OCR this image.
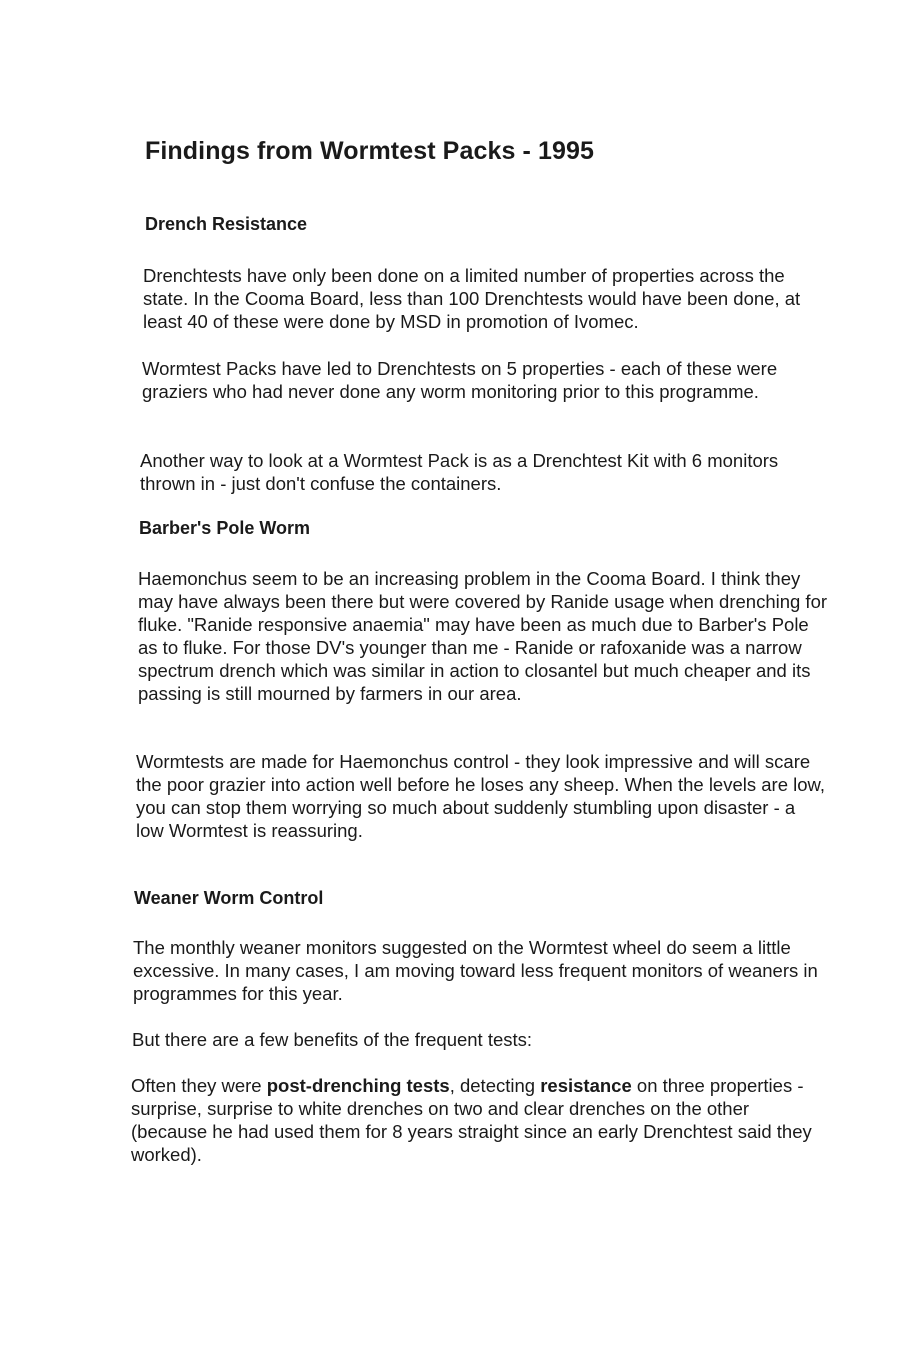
Findings from Wormtest Packs - 1995
Drench Resistance

Drenchtests have only been done on a limited number of properties across the state. In the Cooma Board, less than 100 Drenchtests would have been done, at least 40 of these were done by MSD in promotion of Ivomec.

Wormtest Packs have led to Drenchtests on 5 properties - each of these were graziers who had never done any worm monitoring prior to this programme.

Another way to look at a Wormtest Pack is as a Drenchtest Kit with 6 monitors thrown in - just don't confuse the containers.

Barber's Pole Worm

Haemonchus seem to be an increasing problem in the Cooma Board. I think they may have always been there but were covered by Ranide usage when drenching for fluke. "Ranide responsive anaemia" may have been as much due to Barber's Pole as to fluke. For those DV's younger than me - Ranide or rafoxanide was a narrow spectrum drench which was similar in action to closantel but much cheaper and its passing is still mourned by farmers in our area.

Wormtests are made for Haemonchus control - they look impressive and will scare the poor grazier into action well before he loses any sheep. When the levels are low, you can stop them worrying so much about suddenly stumbling upon disaster - a low Wormtest is reassuring.

Weaner Worm Control

The monthly weaner monitors suggested on the Wormtest wheel do seem a little excessive. In many cases, I am moving toward less frequent monitors of weaners in programmes for this year.

But there are a few benefits of the frequent tests:

Often they were post-drenching tests, detecting resistance on three properties - surprise, surprise to white drenches on two and clear drenches on the other (because he had used them for 8 years straight since an early Drenchtest said they worked).
